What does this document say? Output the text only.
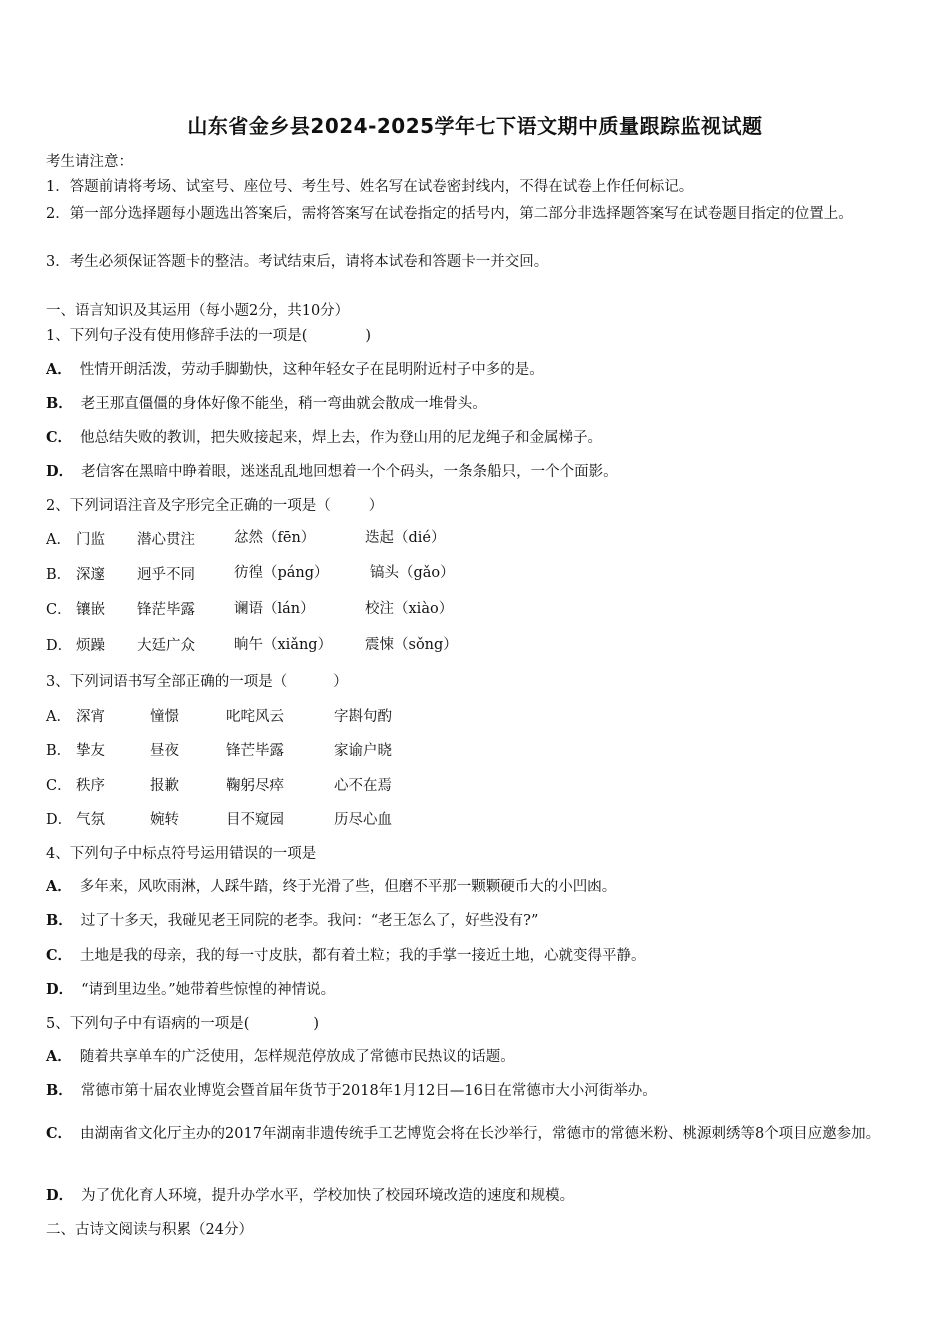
山东省金乡县2024-2025学年七下语文期中质量跟踪监视试题
考生请注意：
1．答题前请将考场、试室号、座位号、考生号、姓名写在试卷密封线内，不得在试卷上作任何标记。
2．第一部分选择题每小题选出答案后，需将答案写在试卷指定的括号内，第二部分非选择题答案写在试卷题目指定的位置上。
3．考生必须保证答题卡的整洁。考试结束后，请将本试卷和答题卡一并交回。
一、语言知识及其运用（每小题2分，共10分）
1、下列句子没有使用修辞手法的一项是(	)
A． 性情开朗活泼，劳动手脚勤快，这种年轻女子在昆明附近村子中多的是。
B． 老王那直僵僵的身体好像不能坐，稍一弯曲就会散成一堆骨头。
C． 他总结失败的教训，把失败接起来，焊上去，作为登山用的尼龙绳子和金属梯子。
D． 老信客在黑暗中睁着眼，迷迷乱乱地回想着一个个码头，一条条船只，一个个面影。
2、下列词语注音及字形完全正确的一项是（	）
A． 门监 潜心贯注	忿然（fēn）	迭起（dié）
B． 深邃 迥乎不同	彷徨（páng）	镐头（gǎo）
C． 镶嵌 锋茫毕露	谰语（lán）	校注（xiào）
D． 烦躁 大廷广众	晌午（xiǎng） 震悚（sǒng）
3、下列词语书写全部正确的一项是（	）
A． 深宵	憧憬	叱咤风云	字斟句酌
B． 挚友	昼夜	锋芒毕露	家谕户晓
C． 秩序	报歉	鞠躬尽瘁	心不在焉
D． 气氛	婉转	目不窥园	历尽心血
4、下列句子中标点符号运用错误的一项是
A． 多年来，风吹雨淋，人踩牛踏，终于光滑了些，但磨不平那一颗颗硬币大的小凹凼。
B． 过了十多天，我碰见老王同院的老李。我问：“老王怎么了，好些没有?”
C． 土地是我的母亲，我的每一寸皮肤，都有着土粒；我的手掌一接近土地，心就变得平静。
D． “请到里边坐。”她带着些惊惶的神情说。
5、下列句子中有语病的一项是(	)
A． 随着共享单车的广泛使用，怎样规范停放成了常德市民热议的话题。
B． 常德市第十届农业博览会暨首届年货节于2018年1月12日—16日在常德市大小河街举办。
C． 由湖南省文化厅主办的2017年湖南非遗传统手工艺博览会将在长沙举行，常德市的常德米粉、桃源刺绣等8个项目应邀参加。
D． 为了优化育人环境，提升办学水平，学校加快了校园环境改造的速度和规模。
二、古诗文阅读与积累（24分）
